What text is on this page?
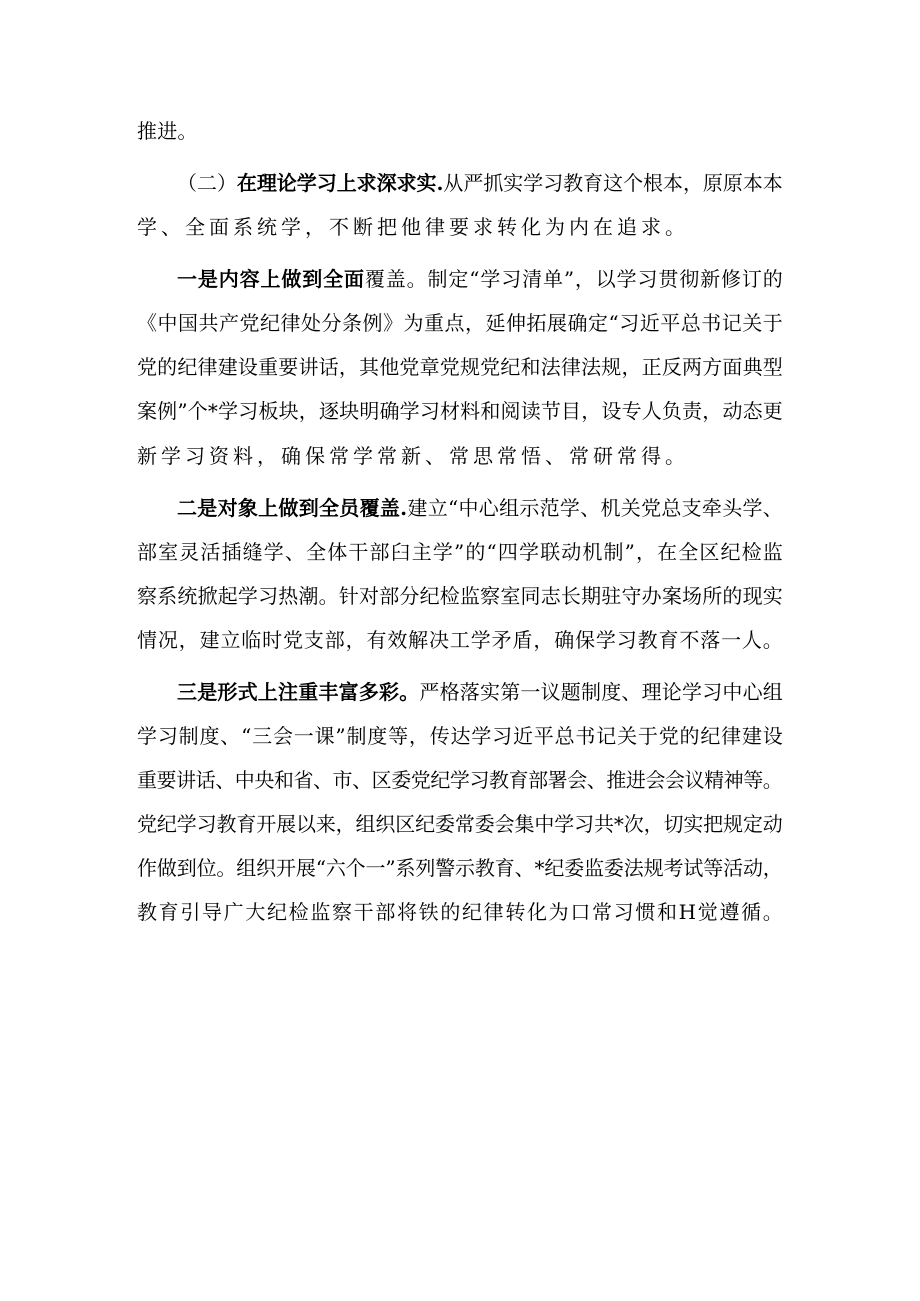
推进。
（二）在理论学习上求深求实.从严抓实学习教育这个根本，原原本本
学、全面系统学，不断把他律要求转化为内在追求。
一是内容上做到全面覆盖。制定“学习清单”，以学习贯彻新修订的
《中国共产党纪律处分条例》为重点，延伸拓展确定“习近平总书记关于
党的纪律建设重要讲话，其他党章党规党纪和法律法规，正反两方面典型
案例”个*学习板块，逐块明确学习材料和阅读节目，设专人负责，动态更
新学习资料，确保常学常新、常思常悟、常研常得。
二是对象上做到全员覆盖.建立“中心组示范学、机关党总支牵头学、
部室灵活插缝学、全体干部臼主学”的“四学联动机制”，在全区纪检监
察系统掀起学习热潮。针对部分纪检监察室同志长期驻守办案场所的现实
情况，建立临时党支部，有效解决工学矛盾，确保学习教育不落一人。
三是形式上注重丰富多彩。严格落实第一议题制度、理论学习中心组
学习制度、“三会一课”制度等，传达学习近平总书记关于党的纪律建设
重要讲话、中央和省、市、区委党纪学习教育部署会、推进会会议精神等。
党纪学习教育开展以来，组织区纪委常委会集中学习共*次，切实把规定动
作做到位。组织开展“六个一”系列警示教育、*纪委监委法规考试等活动，
教育引导广大纪检监察干部将铁的纪律转化为口常习惯和H觉遵循。
